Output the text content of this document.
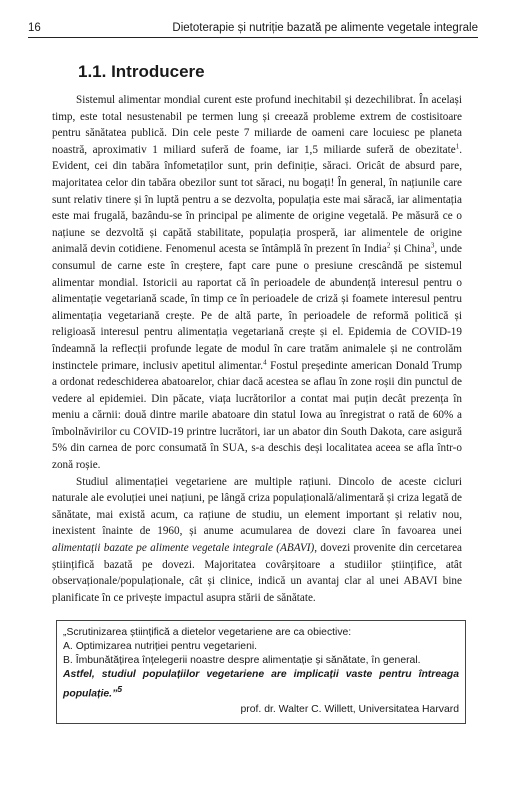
16	Dietoterapie și nutriție bazată pe alimente vegetale integrale
1.1. Introducere

Sistemul alimentar mondial curent este profund inechitabil și dezechilibrat. În același timp, este total nesustenabil pe termen lung și creează probleme extrem de costisitoare pentru sănătatea publică. Din cele peste 7 miliarde de oameni care locuiesc pe planeta noastră, aproximativ 1 miliard suferă de foame, iar 1,5 miliarde suferă de obezitate$^1$. Evident, cei din tabăra înfometaților sunt, prin definiție, săraci. Oricât de absurd pare, majoritatea celor din tabăra obezilor sunt tot săraci, nu bogați! În general, în națiunile care sunt relativ tinere și în luptă pentru a se dezvolta, populația este mai săracă, iar alimentația este mai frugală, bazându-se în principal pe alimente de origine vegetală. Pe măsură ce o națiune se dezvoltă și capătă stabilitate, populația prosperă, iar alimentele de origine animală devin cotidiene. Fenomenul acesta se întâmplă în prezent în India$^2$ și China$^3$, unde consumul de carne este în creștere, fapt care pune o presiune crescândă pe sistemul alimentar mondial. Istoricii au raportat că în perioadele de abundență interesul pentru o alimentație vegetariană scade, în timp ce în perioadele de criză și foamete interesul pentru alimentația vegetariană crește. Pe de altă parte, în perioadele de reformă politică și religioasă interesul pentru alimentația vegetariană crește și el. Epidemia de COVID-19 îndeamnă la reflecții profunde legate de modul în care tratăm animalele și ne controlăm instinctele primare, inclusiv apetitul alimentar.$^4$ Fostul președinte american Donald Trump a ordonat redeschiderea abatoarelor, chiar dacă acestea se aflau în zone roșii din punctul de vedere al epidemiei. Din păcate, viața lucrătorilor a contat mai puțin decât prezența în meniu a cărnii: două dintre marile abatoare din statul Iowa au înregistrat o rată de 60% a îmbolnăvirilor cu COVID-19 printre lucrători, iar un abator din South Dakota, care asigură 5% din carnea de porc consumată în SUA, s-a deschis deși localitatea aceea se afla într-o zonă roșie.

Studiul alimentației vegetariene are multiple rațiuni. Dincolo de aceste cicluri naturale ale evoluției unei națiuni, pe lângă criza populațională/alimentară și criza legată de sănătate, mai există acum, ca rațiune de studiu, un element important și relativ nou, inexistent înainte de 1960, și anume acumularea de dovezi clare în favoarea unei alimentații bazate pe alimente vegetale integrale (ABAVI), dovezi provenite din cercetarea științifică bazată pe dovezi. Majoritatea covârșitoare a studiilor științifice, atât observaționale/populaționale, cât și clinice, indică un avantaj clar al unei ABAVI bine planificate în ce privește impactul asupra stării de sănătate.

„Scrutinizarea științifică a dietelor vegetariene are ca obiective:
A. Optimizarea nutriției pentru vegetarieni.
B. Îmbunătățirea înțelegerii noastre despre alimentație și sănătate, în general.
Astfel, studiul populațiilor vegetariene are implicații vaste pentru întreaga populație.”$^5$
prof. dr. Walter C. Willett, Universitatea Harvard
